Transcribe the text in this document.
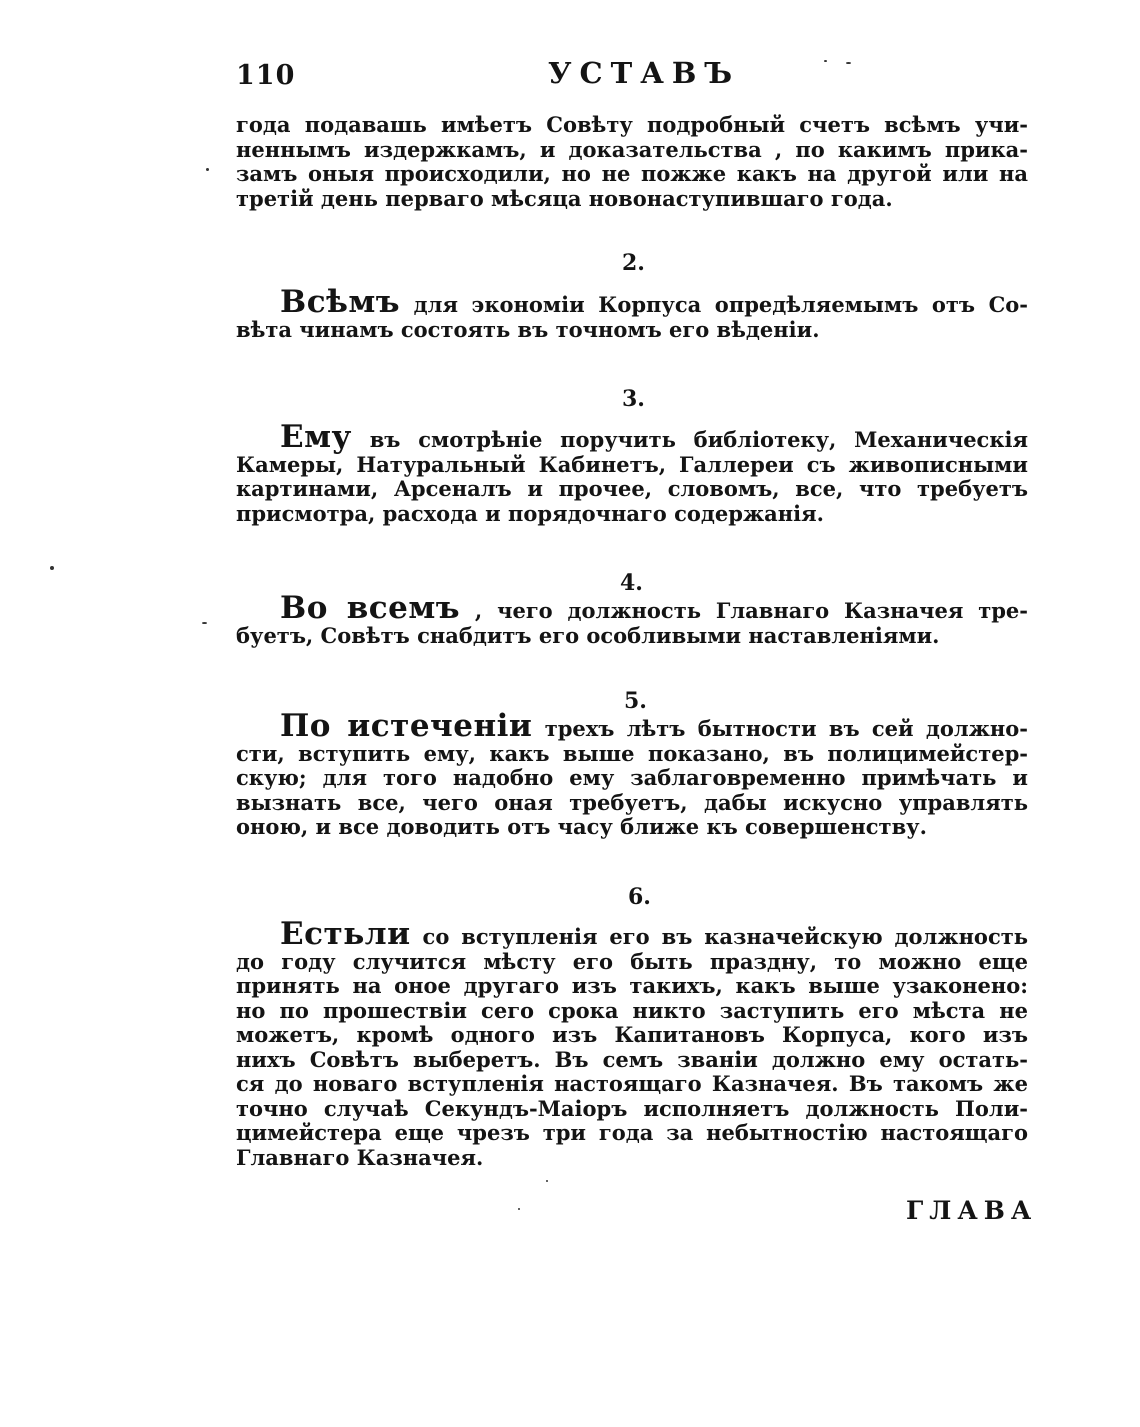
110	УСТАВЪ

года подавашь имѣетъ Совѣту подробный счетъ всѣмъ учи-
неннымъ издержкамъ, и доказательства , по какимъ прика-
замъ оныя происходили, но не пожже какъ на другой или на
третій день перваго мѣсяца новонаступившаго года.

2.

Всѣмъ для экономіи Корпуса опредѣляемымъ отъ Со-
вѣта чинамъ состоять въ точномъ его вѣденіи.

3.

Ему въ смотрѣніе поручить библіотеку, Механическія
Камеры, Натуральный Кабинетъ, Галлереи съ живописными
картинами, Арсеналъ и прочее, словомъ, все, что требуетъ
присмотра, расхода и порядочнаго содержанія.

4.

Во всемъ , чего должность Главнаго Казначея тре-
буетъ, Совѣтъ снабдитъ его особливыми наставленіями.

5.

По истеченіи трехъ лѣтъ бытности въ сей должно-
сти, вступить ему, какъ выше показано, въ полицимейстер-
скую; для того надобно ему заблаговременно примѣчать и
вызнать все, чего оная требуетъ, дабы искусно управлять
оною, и все доводить отъ часу ближе къ совершенству.

6.

Естьли со вступленія его въ казначейскую должность
до году случится мѣсту его быть праздну, то можно еще
принять на оное другаго изъ такихъ, какъ выше узаконено:
но по прошествіи сего срока никто заступить его мѣста не
можетъ, кромѣ одного изъ Капитановъ Корпуса, кого изъ
нихъ Совѣтъ выберетъ. Въ семъ званіи должно ему остать-
ся до новаго вступленія настоящаго Казначея. Въ такомъ же
точно случаѣ Секундъ-Маіоръ исполняетъ должность Поли-
цимейстера еще чрезъ три года за небытностію настоящаго
Главнаго Казначея.

ГЛАВА
